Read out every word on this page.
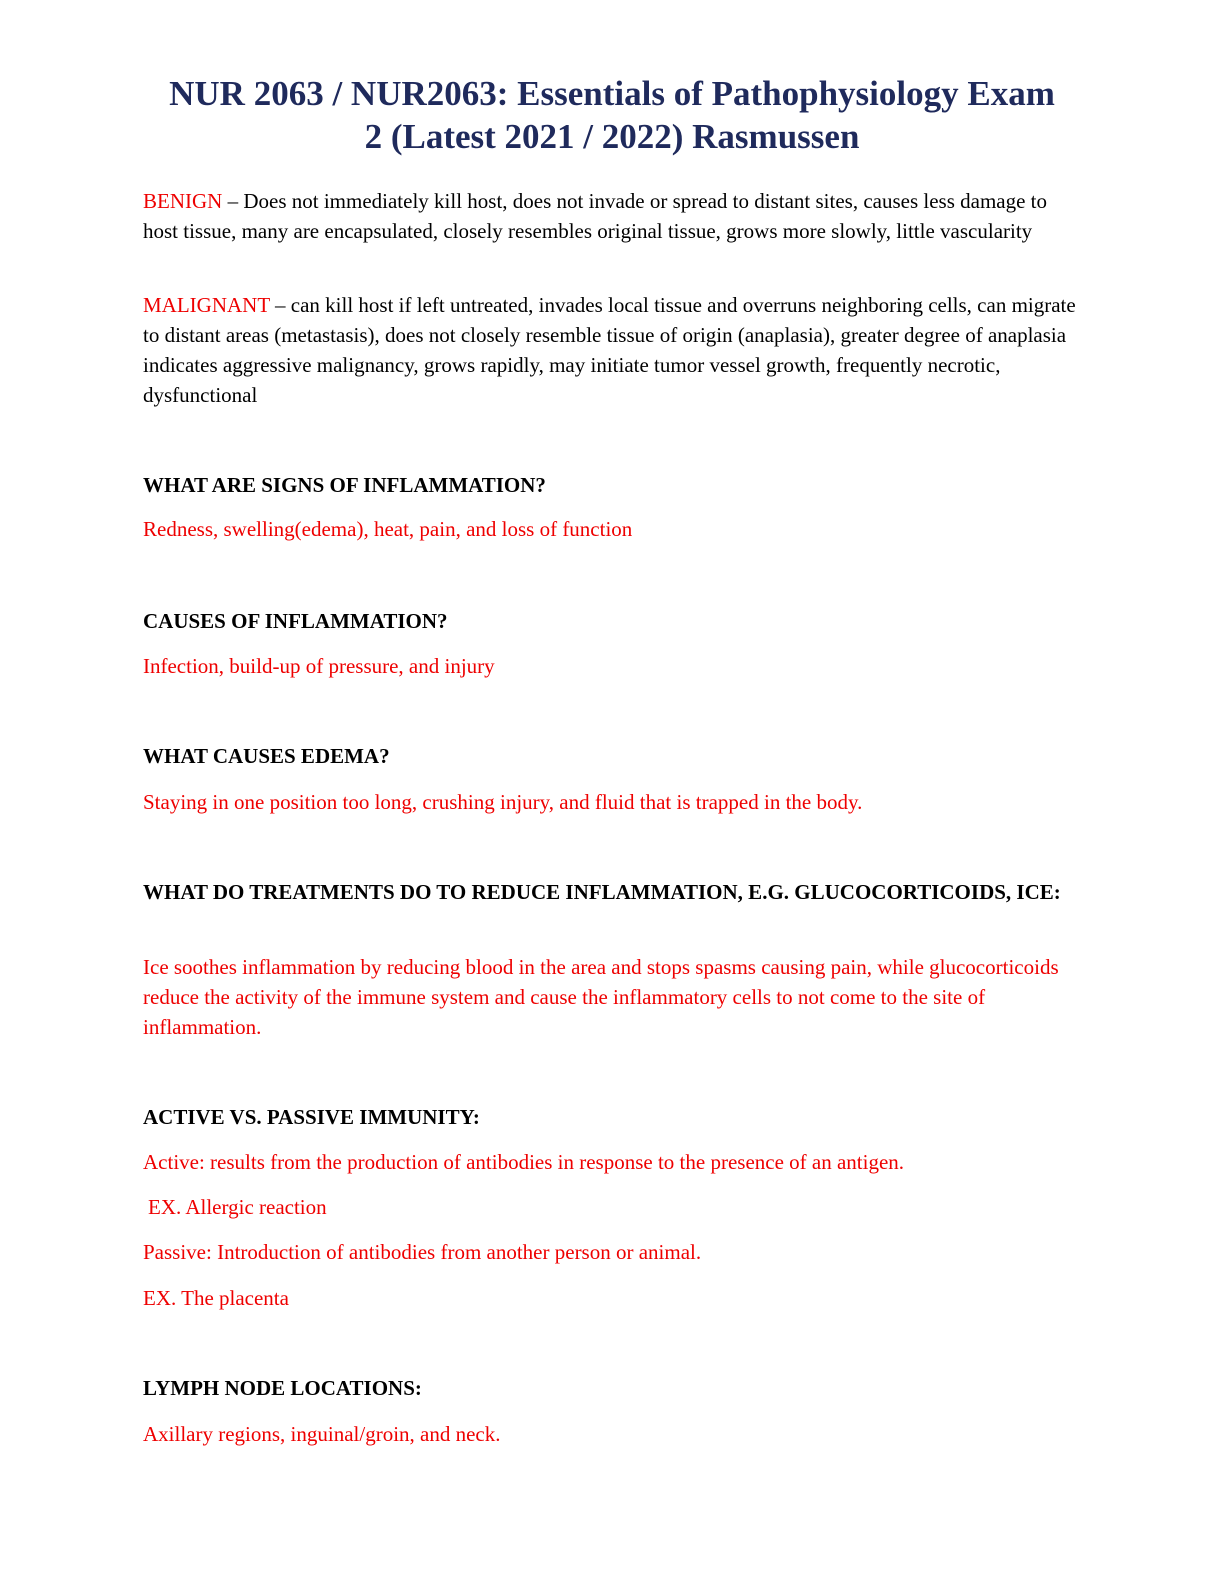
NUR 2063 / NUR2063: Essentials of Pathophysiology Exam
2 (Latest 2021 / 2022) Rasmussen

BENIGN – Does not immediately kill host, does not invade or spread to distant sites, causes less damage to host tissue, many are encapsulated, closely resembles original tissue, grows more slowly, little vascularity

MALIGNANT – can kill host if left untreated, invades local tissue and overruns neighboring cells, can migrate to distant areas (metastasis), does not closely resemble tissue of origin (anaplasia), greater degree of anaplasia indicates aggressive malignancy, grows rapidly, may initiate tumor vessel growth, frequently necrotic, dysfunctional

WHAT ARE SIGNS OF INFLAMMATION?

Redness, swelling(edema), heat, pain, and loss of function

CAUSES OF INFLAMMATION?

Infection, build-up of pressure, and injury

WHAT CAUSES EDEMA?

Staying in one position too long, crushing injury, and fluid that is trapped in the body.

WHAT DO TREATMENTS DO TO REDUCE INFLAMMATION, E.G. GLUCOCORTICOIDS, ICE:

Ice soothes inflammation by reducing blood in the area and stops spasms causing pain, while glucocorticoids reduce the activity of the immune system and cause the inflammatory cells to not come to the site of inflammation.

ACTIVE VS. PASSIVE IMMUNITY:

Active: results from the production of antibodies in response to the presence of an antigen.

EX. Allergic reaction

Passive: Introduction of antibodies from another person or animal.

EX. The placenta

LYMPH NODE LOCATIONS:

Axillary regions, inguinal/groin, and neck.
